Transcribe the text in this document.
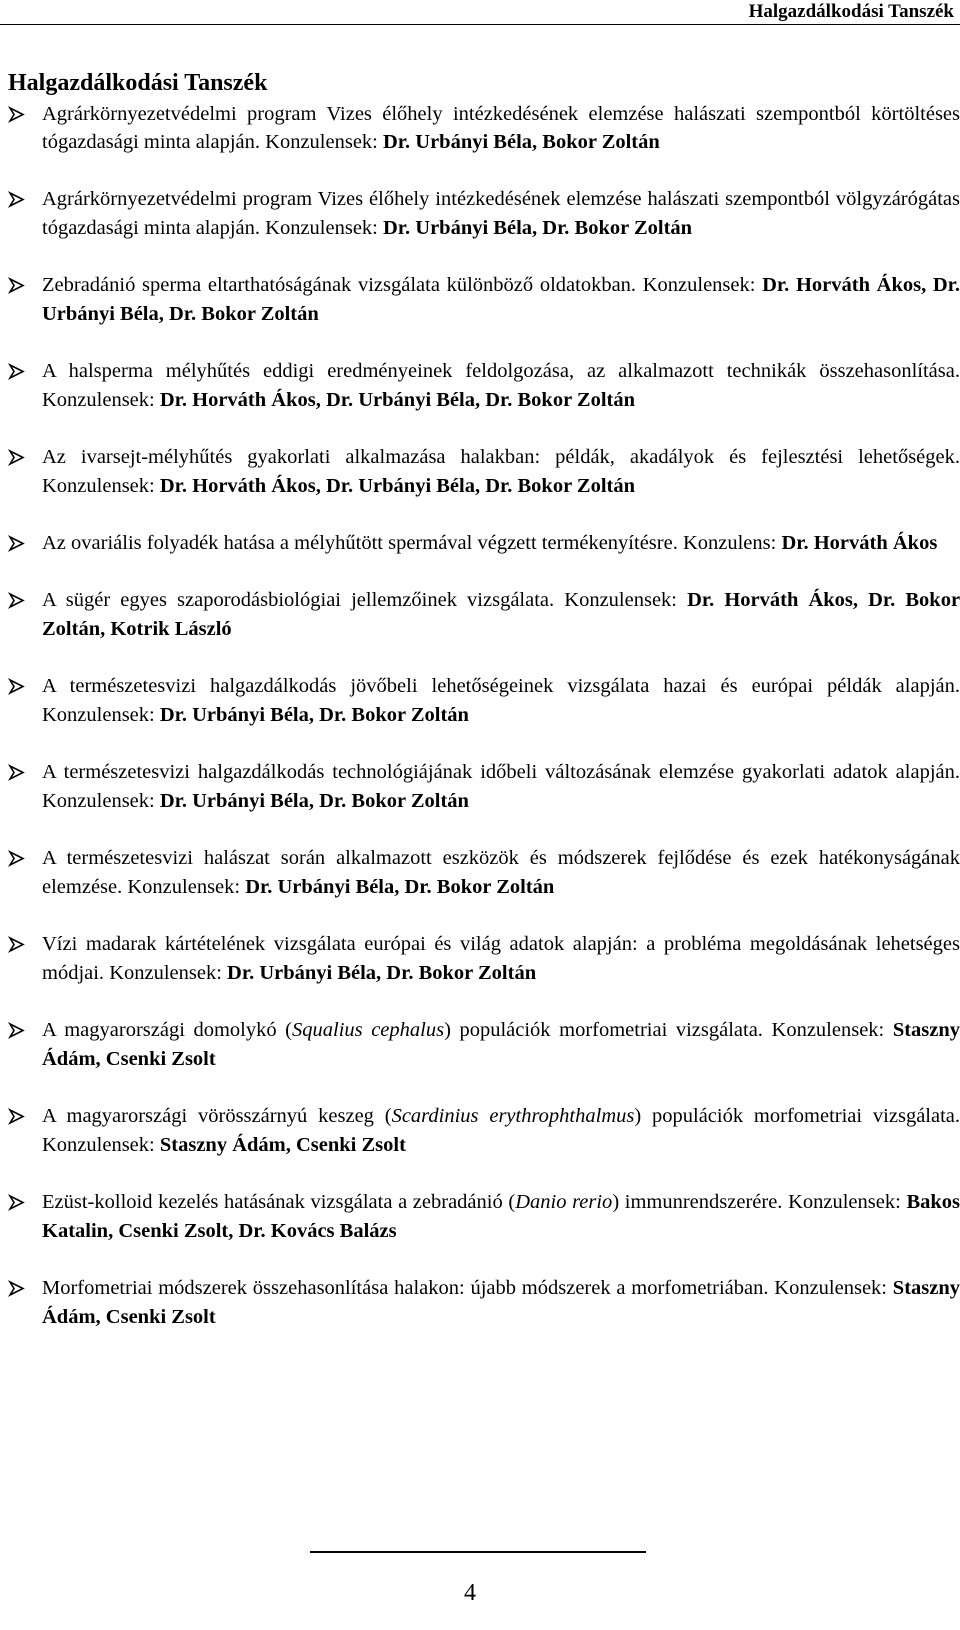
Halgazdálkodási Tanszék
Halgazdálkodási Tanszék
Agrárkörnyezetvédelmi program Vizes élőhely intézkedésének elemzése halászati szempontból körtöltéses tógazdasági minta alapján. Konzulensek: Dr. Urbányi Béla, Bokor Zoltán
Agrárkörnyezetvédelmi program Vizes élőhely intézkedésének elemzése halászati szempontból völgyzárógátas tógazdasági minta alapján. Konzulensek: Dr. Urbányi Béla, Dr. Bokor Zoltán
Zebradánió sperma eltarthatóságának vizsgálata különböző oldatokban. Konzulensek: Dr. Horváth Ákos, Dr. Urbányi Béla, Dr. Bokor Zoltán
A halsperma mélyhűtés eddigi eredményeinek feldolgozása, az alkalmazott technikák összehasonlítása. Konzulensek: Dr. Horváth Ákos, Dr. Urbányi Béla, Dr. Bokor Zoltán
Az ivarsejt-mélyhűtés gyakorlati alkalmazása halakban: példák, akadályok és fejlesztési lehetőségek. Konzulensek: Dr. Horváth Ákos, Dr. Urbányi Béla, Dr. Bokor Zoltán
Az ovariális folyadék hatása a mélyhűtött spermával végzett termékenyítésre. Konzulens: Dr. Horváth Ákos
A sügér egyes szaporodásbiológiai jellemzőinek vizsgálata. Konzulensek: Dr. Horváth Ákos, Dr. Bokor Zoltán, Kotrik László
A természetesvizi halgazdálkodás jövőbeli lehetőségeinek vizsgálata hazai és európai példák alapján. Konzulensek: Dr. Urbányi Béla, Dr. Bokor Zoltán
A természetesvizi halgazdálkodás technológiájának időbeli változásának elemzése gyakorlati adatok alapján. Konzulensek: Dr. Urbányi Béla, Dr. Bokor Zoltán
A természetesvizi halászat során alkalmazott eszközök és módszerek fejlődése és ezek hatékonyságának elemzése. Konzulensek: Dr. Urbányi Béla, Dr. Bokor Zoltán
Vízi madarak kártételének vizsgálata európai és világ adatok alapján: a probléma megoldásának lehetséges módjai. Konzulensek: Dr. Urbányi Béla, Dr. Bokor Zoltán
A magyarországi domolykó (Squalius cephalus) populációk morfometriai vizsgálata. Konzulensek: Staszny Ádám, Csenki Zsolt
A magyarországi vörösszárnyú keszeg (Scardinius erythrophthalmus) populációk morfometriai vizsgálata. Konzulensek: Staszny Ádám, Csenki Zsolt
Ezüst-kolloid kezelés hatásának vizsgálata a zebradánió (Danio rerio) immunrendszerére. Konzulensek: Bakos Katalin, Csenki Zsolt, Dr. Kovács Balázs
Morfometriai módszerek összehasonlítása halakon: újabb módszerek a morfometriában. Konzulensek: Staszny Ádám, Csenki Zsolt
4
